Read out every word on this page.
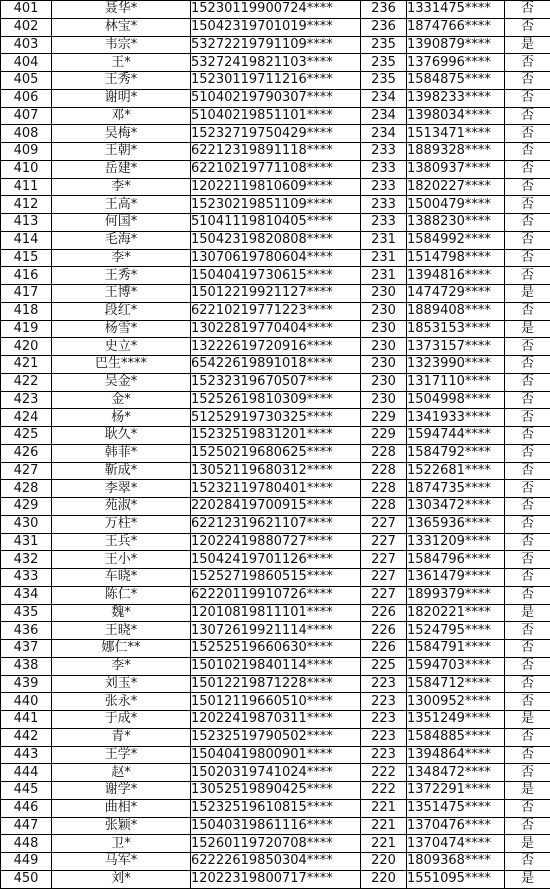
401	聂华*	15230119900724****	236	1331475****	否
402	林宝*	15042319701019****	236	1874766****	否
403	韦宗*	53272219791109****	235	1390879****	是
404	王*	53272419821103****	235	1376996****	否
405	王秀*	15230119711216****	235	1584875****	否
406	谢明*	51040219790307****	234	1398233****	否
407	邓*	51040219851101****	234	1398034****	否
408	吴梅*	15232719750429****	234	1513471****	否
409	王朝*	62212319891118****	233	1889328****	否
410	岳建*	62210219771108****	233	1380937****	否
411	李*	12022119810609****	233	1820227****	否
412	王高*	15230219851109****	233	1500479****	否
413	何国*	51041119810405****	233	1388230****	否
414	毛海*	15042319820808****	231	1584992****	否
415	李*	13070619780604****	231	1514798****	否
416	王秀*	15040419730615****	231	1394816****	否
417	王博*	15012219921127****	230	1474729****	是
418	段红*	62210219771223****	230	1889408****	否
419	杨雪*	13022819770404****	230	1853153****	是
420	史立*	13222619720916****	230	1373157****	否
421	巴生****	65422619891018****	230	1323990****	否
422	吴金*	15232319670507****	230	1317110****	否
423	金*	15252619810309****	230	1504998****	否
424	杨*	51252919730325****	229	1341933****	否
425	耿久*	15232519831201****	229	1594744****	否
426	韩菲*	15250219680625****	228	1584792****	否
427	靳成*	13052119680312****	228	1522681****	否
428	李翠*	15232119780401****	228	1874735****	否
429	苑淑*	22028419700915****	228	1303472****	否
430	万柱*	62212319621107****	227	1365936****	否
431	王兵*	12022419880727****	227	1331209****	否
432	王小*	15042419701126****	227	1584796****	否
433	车晓*	15252719860515****	227	1361479****	否
434	陈仁*	62220119910726****	227	1899379****	否
435	魏*	12010819811101****	226	1820221****	是
436	王晓*	13072619921114****	226	1524795****	否
437	娜仁**	15252519660630****	226	1584791****	否
438	李*	15010219840114****	225	1594703****	否
439	刘玉*	15012219871228****	223	1584712****	否
440	张永*	15012119660510****	223	1300952****	否
441	于成*	12022419870311****	223	1351249****	是
442	青*	15232519790502****	223	1584885****	否
443	王学*	15040419800901****	223	1394864****	否
444	赵*	15020319741024****	222	1348472****	否
445	谢学*	13052519890425****	222	1372291****	是
446	曲相*	15232519610815****	221	1351475****	否
447	张颖*	15040319861116****	221	1370476****	否
448	卫*	15260119720708****	221	1370474****	是
449	马军*	62222619850304****	220	1809368****	否
450	刘*	12022319800717****	220	1551095****	是
